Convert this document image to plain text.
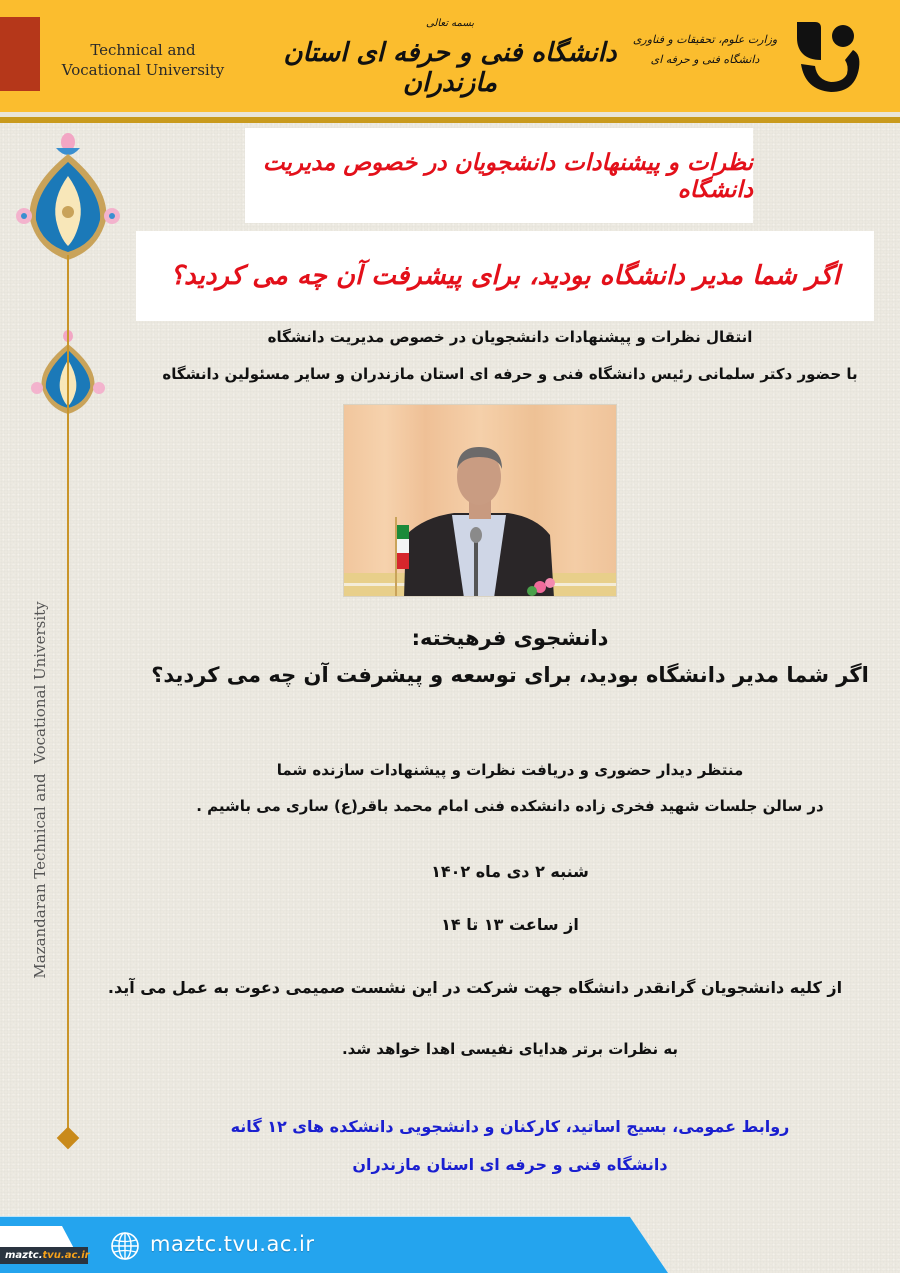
Technical and
Vocational University
بسمه تعالی
دانشگاه فنی و حرفه ای استان مازندران
وزارت علوم، تحقیقات و فناوری
دانشگاه فنی و حرفه ای
Mazandaran Technical and  Vocational University
نظرات و پیشنهادات دانشجویان در خصوص مدیریت دانشگاه
اگر شما مدیر دانشگاه بودید، برای پیشرفت آن چه می کردید؟
انتقال نظرات و پیشنهادات دانشجویان در خصوص مدیریت دانشگاه
با حضور دکتر سلمانی رئیس دانشگاه فنی و حرفه ای استان مازندران و سایر مسئولین دانشگاه
دانشجوی فرهیخته:
اگر شما مدیر دانشگاه بودید، برای توسعه و پیشرفت آن چه می کردید؟
منتظر دیدار حضوری و دریافت نظرات و پیشنهادات سازنده شما
در سالن جلسات شهید فخری زاده دانشکده فنی امام محمد باقر(ع) ساری می باشیم .
شنبه ۲ دی ماه ۱۴۰۲
از ساعت ۱۳ تا ۱۴
از کلیه دانشجویان گرانقدر دانشگاه جهت شرکت در این نشست صمیمی دعوت به عمل می آید.
به نظرات برتر هدایای نفیسی اهدا خواهد شد.
روابط عمومی، بسیج اساتید، کارکنان و دانشجویی دانشکده های ۱۲ گانه
دانشگاه فنی و حرفه ای استان مازندران
maztc.tvu.ac.ir	maztc.tvu.ac.ir
